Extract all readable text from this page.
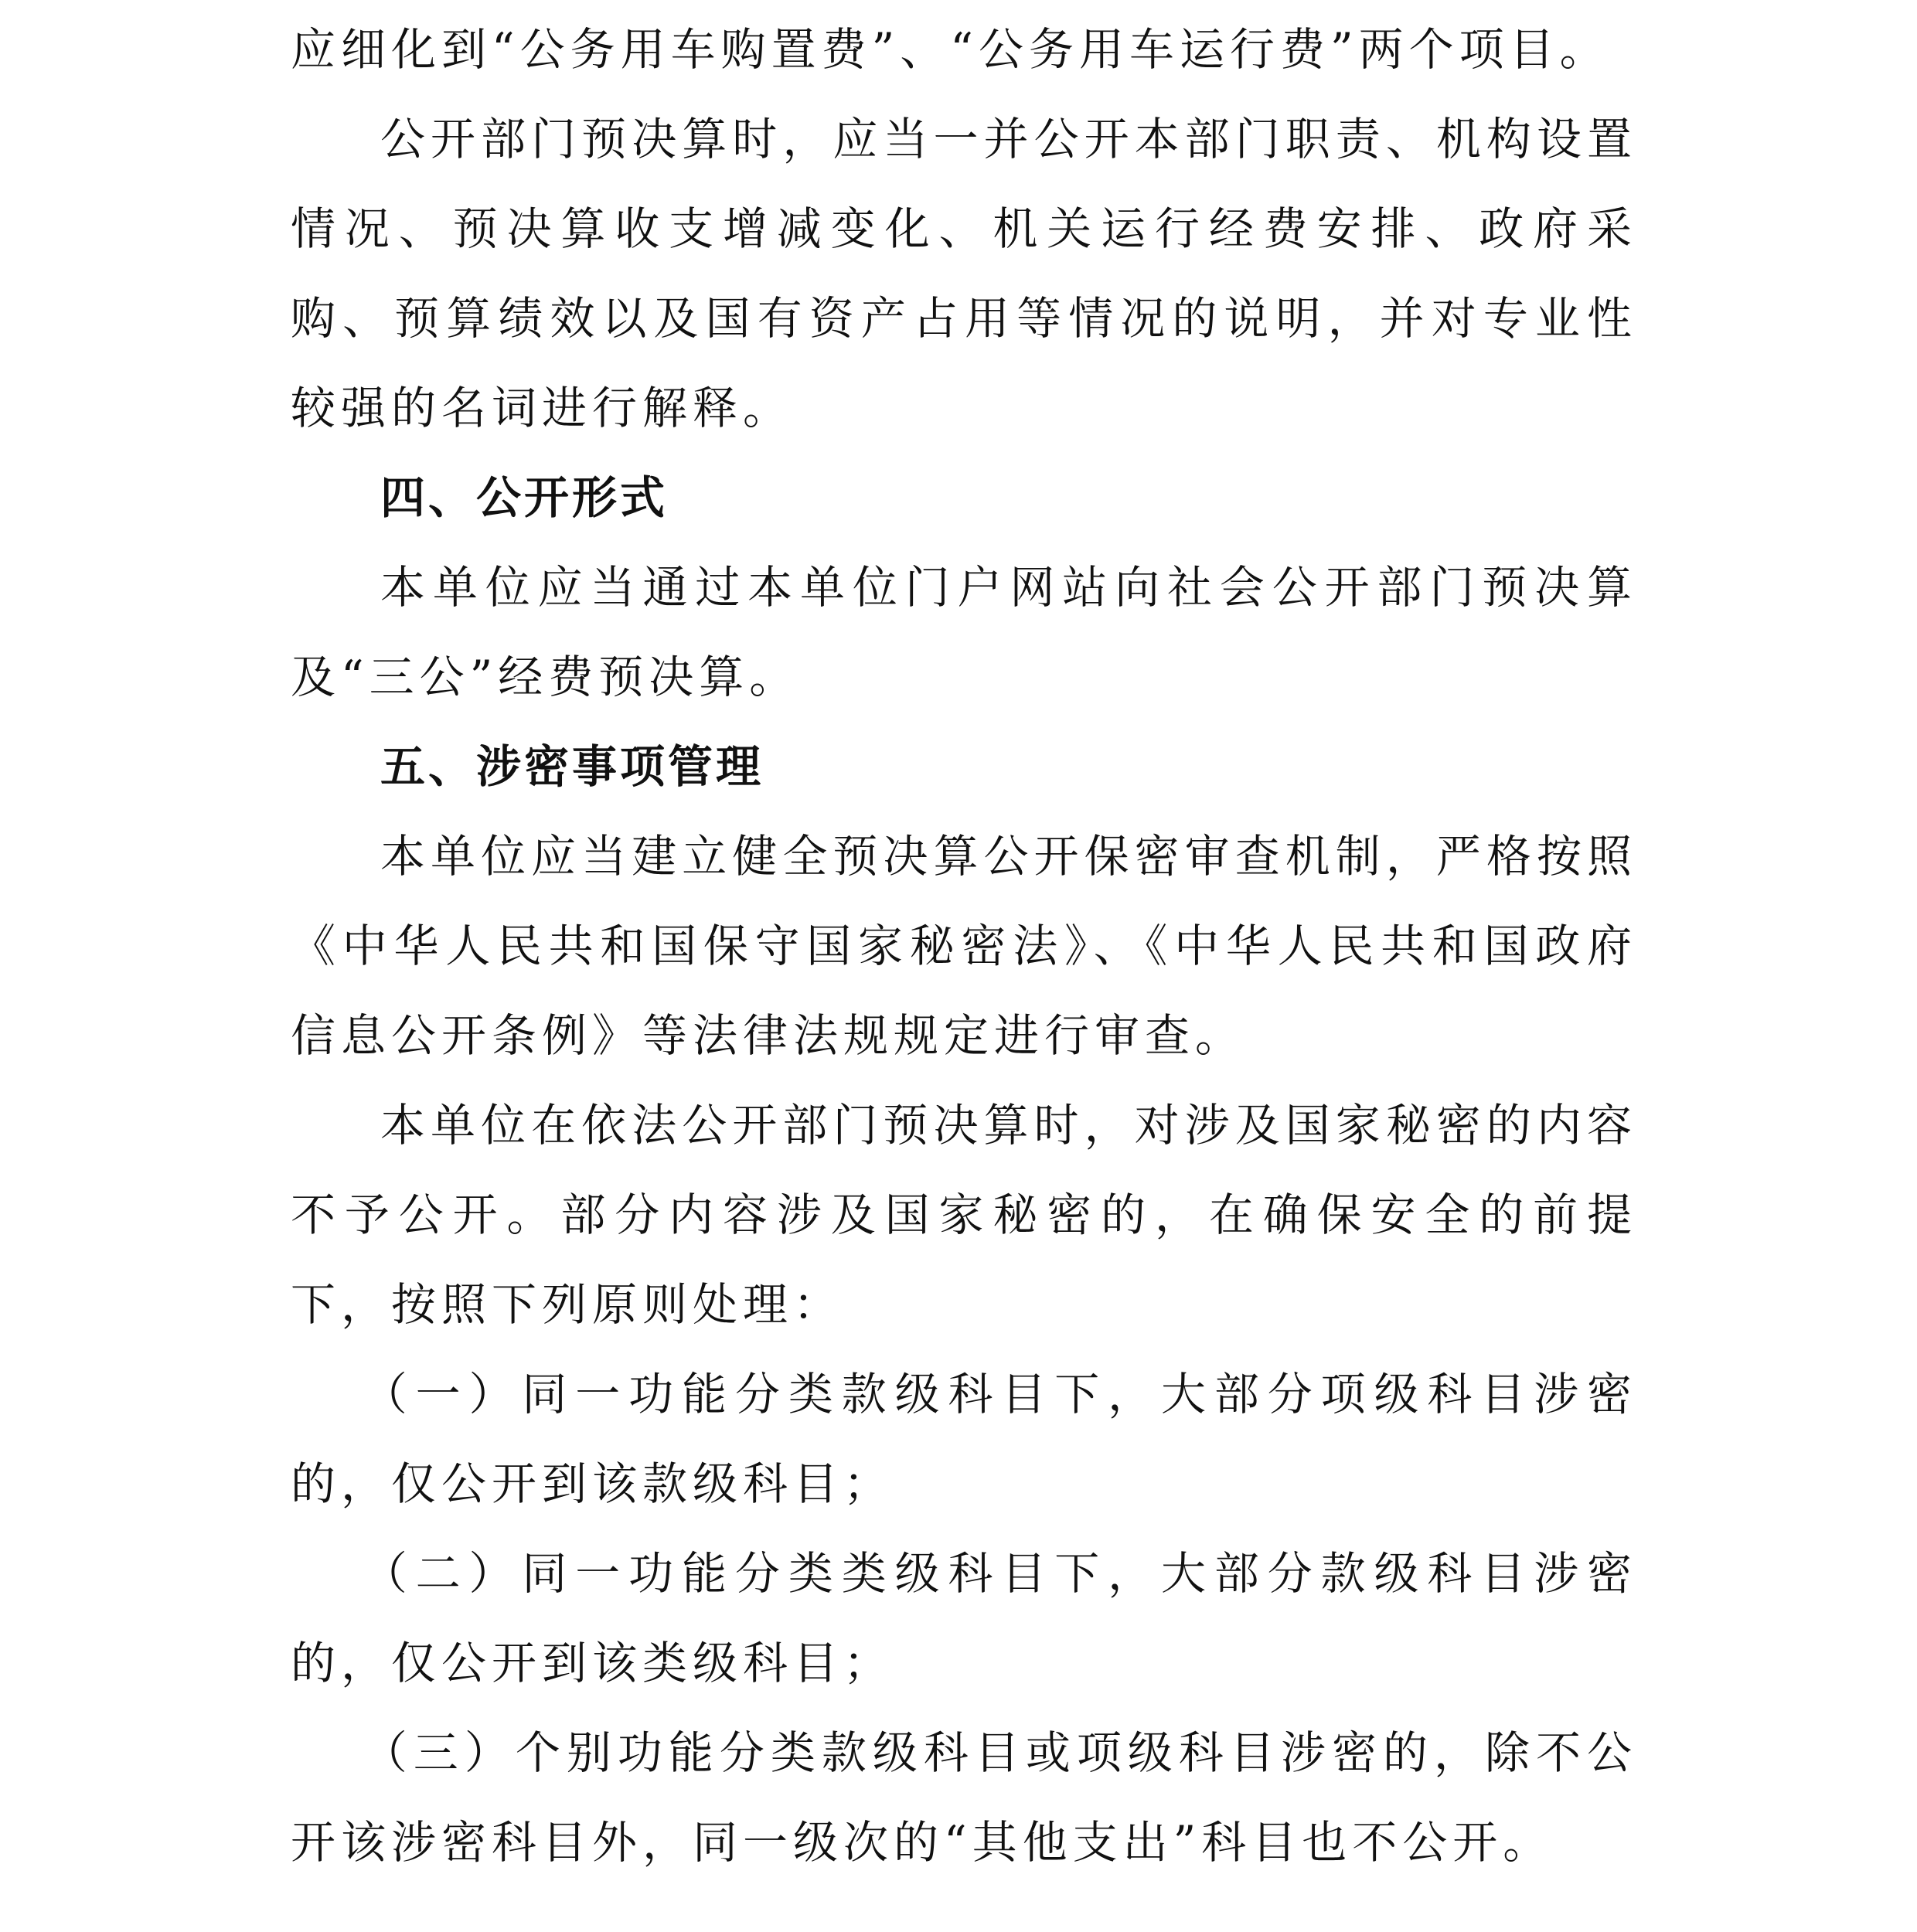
应细化到“公务用车购置费”、“公务用车运行费”两个项目。

公开部门预决算时，应当一并公开本部门职责、机构设置情况、预决算收支增减变化、机关运行经费安排、政府采购、预算绩效以及国有资产占用等情况的说明，并对专业性较强的名词进行解释。

四、公开形式

本单位应当通过本单位门户网站向社会公开部门预决算及“三公”经费预决算。

五、涉密事项管理

本单位应当建立健全预决算公开保密审查机制，严格按照《中华人民共和国保守国家秘密法》、《中华人民共和国政府信息公开条例》等法律法规规定进行审查。

本单位在依法公开部门预决算时，对涉及国家秘密的内容不予公开。部分内容涉及国家秘密的，在确保安全的前提下，按照下列原则处理：

（一）同一功能分类款级科目下，大部分项级科目涉密的，仅公开到该款级科目；

（二）同一功能分类类级科目下，大部分款级科目涉密的，仅公开到该类级科目；

（三）个别功能分类款级科目或项级科目涉密的，除不公开该涉密科目外，同一级次的“其他支出”科目也不公开。
